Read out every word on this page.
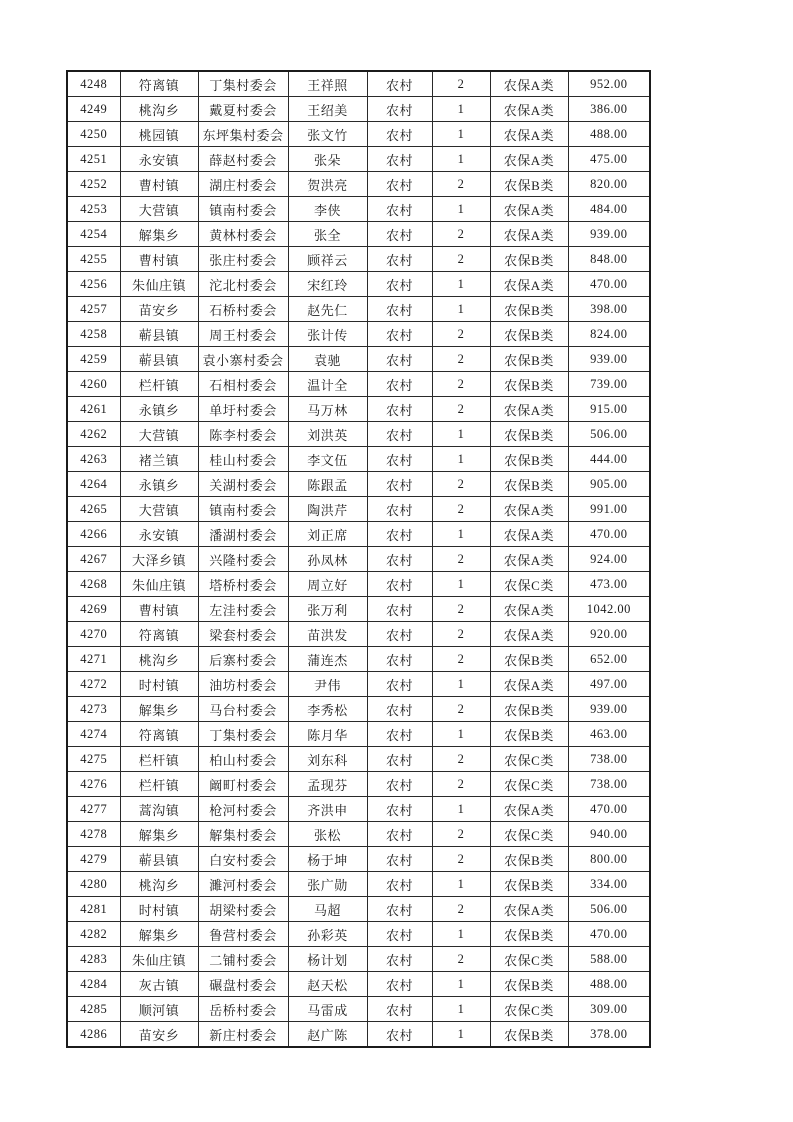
4248	符离镇	丁集村委会	王祥照	农村	2	农保A类	952.00
4249	桃沟乡	戴夏村委会	王绍美	农村	1	农保A类	386.00
4250	桃园镇	东坪集村委会	张文竹	农村	1	农保A类	488.00
4251	永安镇	薛赵村委会	张朵	农村	1	农保A类	475.00
4252	曹村镇	湖庄村委会	贺洪亮	农村	2	农保B类	820.00
4253	大营镇	镇南村委会	李侠	农村	1	农保A类	484.00
4254	解集乡	黄林村委会	张全	农村	2	农保A类	939.00
4255	曹村镇	张庄村委会	顾祥云	农村	2	农保B类	848.00
4256	朱仙庄镇	沱北村委会	宋红玲	农村	1	农保A类	470.00
4257	苗安乡	石桥村委会	赵先仁	农村	1	农保B类	398.00
4258	蕲县镇	周王村委会	张计传	农村	2	农保B类	824.00
4259	蕲县镇	袁小寨村委会	袁驰	农村	2	农保B类	939.00
4260	栏杆镇	石相村委会	温计全	农村	2	农保B类	739.00
4261	永镇乡	单圩村委会	马万林	农村	2	农保A类	915.00
4262	大营镇	陈李村委会	刘洪英	农村	1	农保B类	506.00
4263	褚兰镇	桂山村委会	李文伍	农村	1	农保B类	444.00
4264	永镇乡	关湖村委会	陈跟孟	农村	2	农保B类	905.00
4265	大营镇	镇南村委会	陶洪芹	农村	2	农保A类	991.00
4266	永安镇	潘湖村委会	刘正席	农村	1	农保A类	470.00
4267	大泽乡镇	兴隆村委会	孙凤林	农村	2	农保A类	924.00
4268	朱仙庄镇	塔桥村委会	周立好	农村	1	农保C类	473.00
4269	曹村镇	左洼村委会	张万利	农村	2	农保A类	1042.00
4270	符离镇	梁套村委会	苗洪发	农村	2	农保A类	920.00
4271	桃沟乡	后寨村委会	蒲连杰	农村	2	农保B类	652.00
4272	时村镇	油坊村委会	尹伟	农村	1	农保A类	497.00
4273	解集乡	马台村委会	李秀松	农村	2	农保B类	939.00
4274	符离镇	丁集村委会	陈月华	农村	1	农保B类	463.00
4275	栏杆镇	柏山村委会	刘东科	农村	2	农保C类	738.00
4276	栏杆镇	阚町村委会	孟现芬	农村	2	农保C类	738.00
4277	蒿沟镇	枪河村委会	齐洪申	农村	1	农保A类	470.00
4278	解集乡	解集村委会	张松	农村	2	农保C类	940.00
4279	蕲县镇	白安村委会	杨于坤	农村	2	农保B类	800.00
4280	桃沟乡	濉河村委会	张广勋	农村	1	农保B类	334.00
4281	时村镇	胡梁村委会	马超	农村	2	农保A类	506.00
4282	解集乡	鲁营村委会	孙彩英	农村	1	农保B类	470.00
4283	朱仙庄镇	二铺村委会	杨计划	农村	2	农保C类	588.00
4284	灰古镇	碾盘村委会	赵天松	农村	1	农保B类	488.00
4285	顺河镇	岳桥村委会	马雷成	农村	1	农保C类	309.00
4286	苗安乡	新庄村委会	赵广陈	农村	1	农保B类	378.00
